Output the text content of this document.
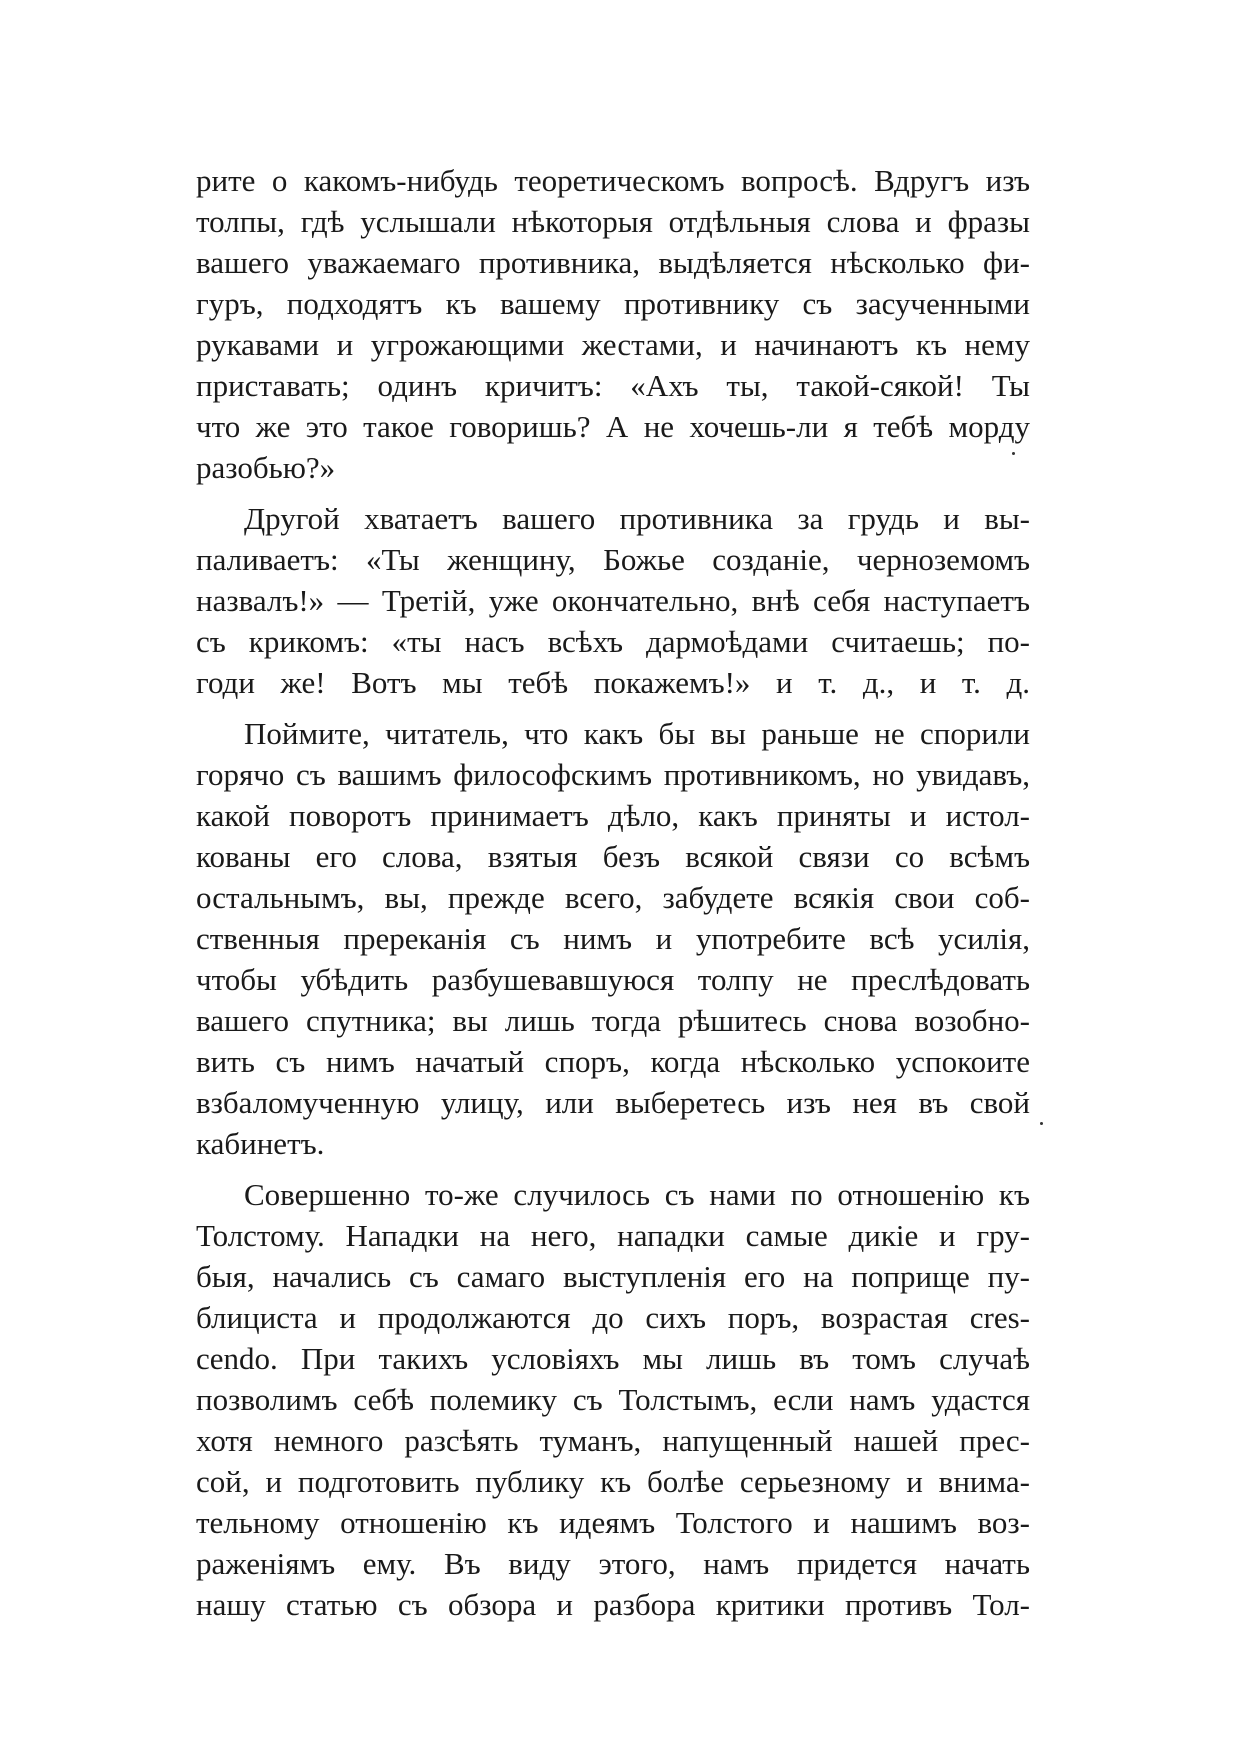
рите о какомъ-нибудь теоретическомъ вопросѣ. Вдругъ изъ
толпы, гдѣ услышали нѣкоторыя отдѣльныя слова и фразы
вашего уважаемаго противника, выдѣляется нѣсколько фи-
гуръ, подходятъ къ вашему противнику съ засученными
рукавами и угрожающими жестами, и начинаютъ къ нему
приставать; одинъ кричитъ: «Ахъ ты, такой-сякой! Ты
что же это такое говоришь? А не хочешь-ли я тебѣ морду
разобью?»
Другой хватаетъ вашего противника за грудь и вы-
паливаетъ: «Ты женщину, Божье созданіе, черноземомъ
назвалъ!» — Третій, уже окончательно, внѣ себя наступаетъ
съ крикомъ: «ты насъ всѣхъ дармоѣдами считаешь; по-
годи же! Вотъ мы тебѣ покажемъ!» и т. д., и т. д.
Поймите, читатель, что какъ бы вы раньше не спорили
горячо съ вашимъ философскимъ противникомъ, но увидавъ,
какой поворотъ принимаетъ дѣло, какъ приняты и истол-
кованы его слова, взятыя безъ всякой связи со всѣмъ
остальнымъ, вы, прежде всего, забудете всякія свои соб-
ственныя пререканія съ нимъ и употребите всѣ усилія,
чтобы убѣдить разбушевавшуюся толпу не преслѣдовать
вашего спутника; вы лишь тогда рѣшитесь снова возобно-
вить съ нимъ начатый споръ, когда нѣсколько успокоите
взбаломученную улицу, или выберетесь изъ нея въ свой
кабинетъ.
Совершенно то-же случилось съ нами по отношенію къ
Толстому. Нападки на него, нападки самые дикіе и гру-
быя, начались съ самаго выступленія его на поприще пу-
блициста и продолжаются до сихъ поръ, возрастая cres-
cendo. При такихъ условіяхъ мы лишь въ томъ случаѣ
позволимъ себѣ полемику съ Толстымъ, если намъ удастся
хотя немного разсѣять туманъ, напущенный нашей прес-
сой, и подготовить публику къ болѣе серьезному и внима-
тельному отношенію къ идеямъ Толстого и нашимъ воз-
раженіямъ ему. Въ виду этого, намъ придется начать
нашу статью съ обзора и разбора критики противъ Тол-
